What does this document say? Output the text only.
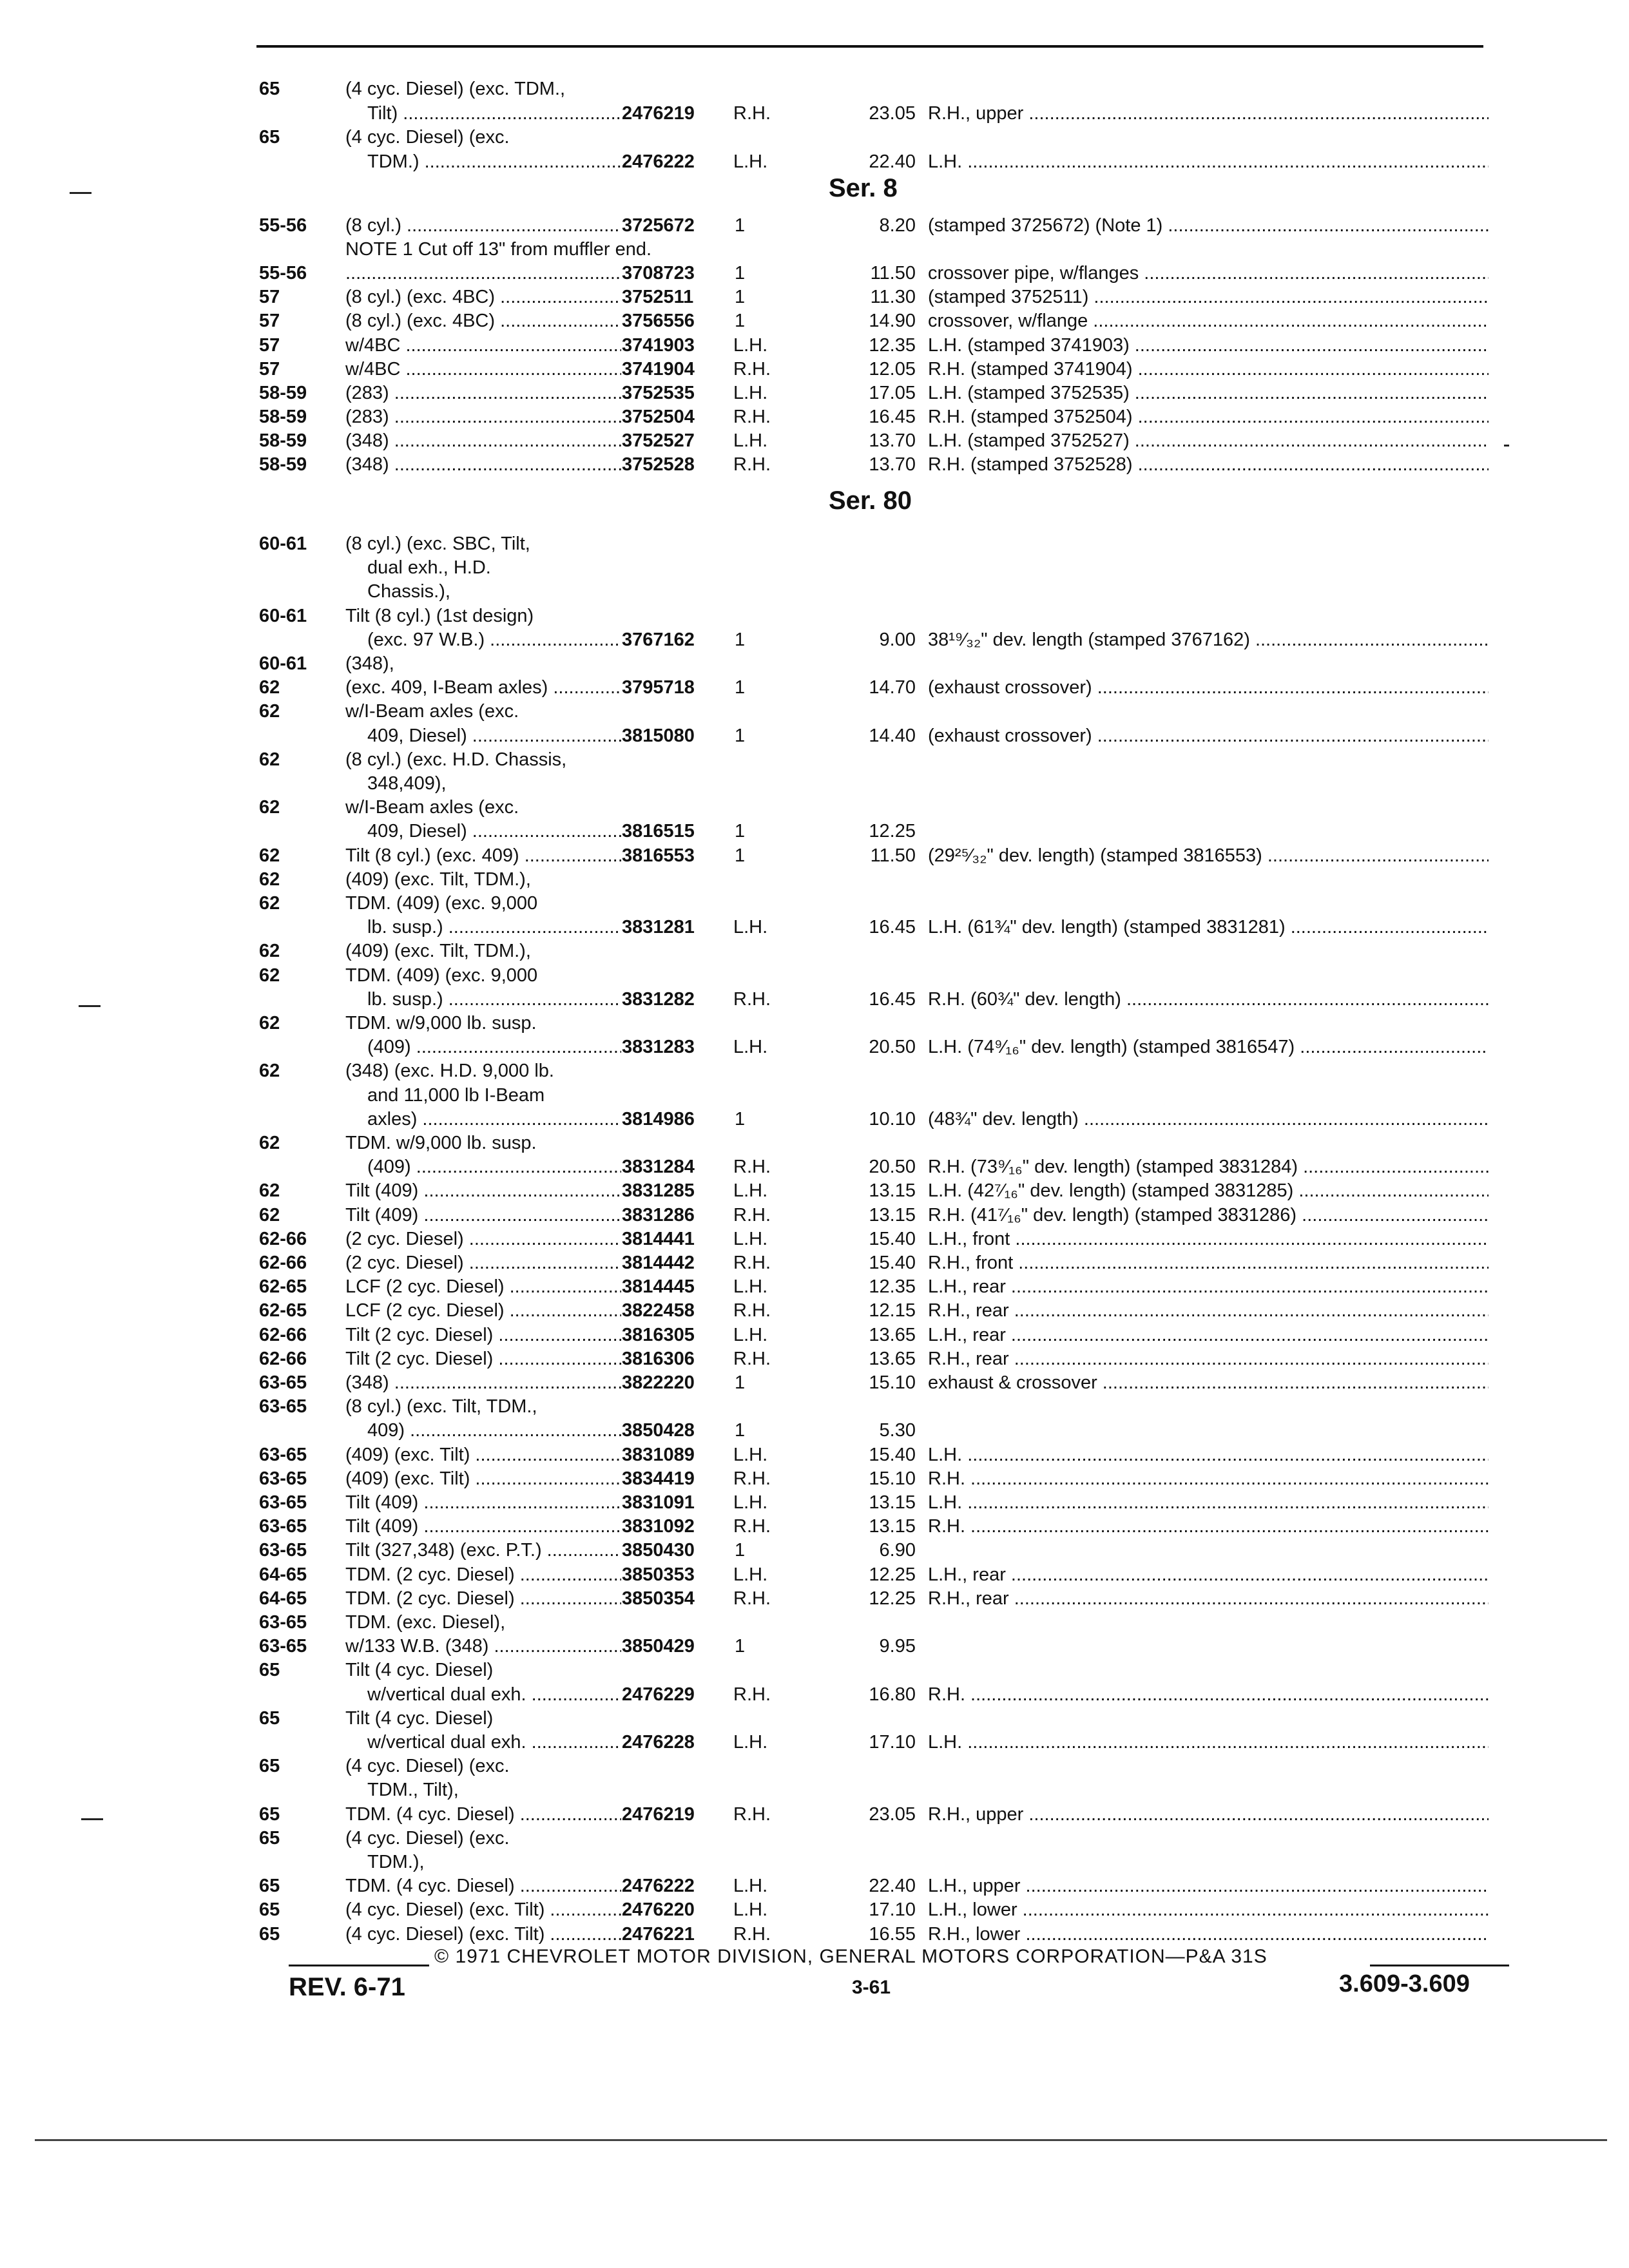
65	(4 cyc. Diesel) (exc. TDM.,
Tilt) .....	2476219 R.H.	23.05 R.H., upper .....
65	(4 cyc. Diesel) (exc.
TDM.) .....	2476222 L.H.	22.40 L.H. .....
Ser. 8
55-56 (8 cyl.) .....	3725672 1	8.20 (stamped 3725672) (Note 1) .....
NOTE 1 Cut off 13" from muffler end.
55-56
.....	3708723 1	11.50 crossover pipe, w/flanges .....
57	(8 cyl.) (exc. 4BC) .....	3752511 1	11.30 (stamped 3752511) .....
57	(8 cyl.) (exc. 4BC) .....	3756556 1	14.90 crossover, w/flange .....
57	w/4BC .....	3741903 L.H.	12.35 L.H. (stamped 3741903) .....
57	w/4BC .....	3741904 R.H.	12.05 R.H. (stamped 3741904) .....
58-59 (283) .....	3752535 L.H.	17.05 L.H. (stamped 3752535) .....
58-59 (283) .....	3752504 R.H.	16.45 R.H. (stamped 3752504) .....
58-59 (348) .....	3752527 L.H.	13.70 L.H. (stamped 3752527) .....
58-59 (348) .....	3752528 R.H.	13.70 R.H. (stamped 3752528) .....
Ser. 80
60-61 (8 cyl.) (exc. SBC, Tilt,
dual exh., H.D.
Chassis.),
60-61 Tilt (8 cyl.) (1st design)
(exc. 97 W.B.) .....	3767162 1	9.00 38¹⁹⁄₃₂" dev. length (stamped 3767162) .....
60-61 (348),
62	(exc. 409, I-Beam axles) .....	3795718 1	14.70 (exhaust crossover) .....
62	w/I-Beam axles (exc.
409, Diesel) .....	3815080 1	14.40 (exhaust crossover) .....
62	(8 cyl.) (exc. H.D. Chassis,
348,409),
62	w/I-Beam axles (exc.
409, Diesel) .....	3816515 1	12.25
62	Tilt (8 cyl.) (exc. 409) .....	3816553 1	11.50 (29²⁵⁄₃₂" dev. length) (stamped 3816553) .....
62	(409) (exc. Tilt, TDM.),
62	TDM. (409) (exc. 9,000
lb. susp.) .....	3831281 L.H.	16.45 L.H. (61¾" dev. length) (stamped 3831281) .....
62	(409) (exc. Tilt, TDM.),
62	TDM. (409) (exc. 9,000
lb. susp.) .....	3831282 R.H.	16.45 R.H. (60¾" dev. length) .....
62	TDM. w/9,000 lb. susp.
(409) .....	3831283 L.H.	20.50 L.H. (74⁹⁄₁₆" dev. length) (stamped 3816547) .....
62	(348) (exc. H.D. 9,000 lb.
and 11,000 lb I-Beam
axles) .....	3814986 1	10.10 (48¾" dev. length) .....
62	TDM. w/9,000 lb. susp.
(409) .....	3831284 R.H.	20.50 R.H. (73⁹⁄₁₆" dev. length) (stamped 3831284) .....
62	Tilt (409) .....	3831285 L.H.	13.15 L.H. (42⁷⁄₁₆" dev. length) (stamped 3831285) .....
62	Tilt (409) .....	3831286 R.H.	13.15 R.H. (41⁷⁄₁₆" dev. length) (stamped 3831286) .....
62-66 (2 cyc. Diesel) .....	3814441 L.H.	15.40 L.H., front .....
62-66 (2 cyc. Diesel) .....	3814442 R.H.	15.40 R.H., front .....
62-65 LCF (2 cyc. Diesel) .....	3814445 L.H.	12.35 L.H., rear .....
62-65 LCF (2 cyc. Diesel) .....	3822458 R.H.	12.15 R.H., rear .....
62-66 Tilt (2 cyc. Diesel) .....	3816305 L.H.	13.65 L.H., rear .....
62-66 Tilt (2 cyc. Diesel) .....	3816306 R.H.	13.65 R.H., rear .....
63-65 (348) .....	3822220 1	15.10 exhaust & crossover .....
63-65 (8 cyl.) (exc. Tilt, TDM.,
409) .....	3850428 1	5.30
63-65 (409) (exc. Tilt) .....	3831089 L.H.	15.40 L.H. .....
63-65 (409) (exc. Tilt) .....	3834419 R.H.	15.10 R.H. .....
63-65 Tilt (409) .....	3831091 L.H.	13.15 L.H. .....
63-65 Tilt (409) .....	3831092 R.H.	13.15 R.H. .....
63-65 Tilt (327,348) (exc. P.T.) .....	3850430 1	6.90
64-65 TDM. (2 cyc. Diesel) .....	3850353 L.H.	12.25 L.H., rear .....
64-65 TDM. (2 cyc. Diesel) .....	3850354 R.H.	12.25 R.H., rear .....
63-65 TDM. (exc. Diesel),
63-65 w/133 W.B. (348) .....	3850429 1	9.95
65	Tilt (4 cyc. Diesel)
w/vertical dual exh. .....	2476229 R.H.	16.80 R.H. .....
65	Tilt (4 cyc. Diesel)
w/vertical dual exh. .....	2476228 L.H.	17.10 L.H. .....
65	(4 cyc. Diesel) (exc.
TDM., Tilt),
65	TDM. (4 cyc. Diesel) .....	2476219 R.H.	23.05 R.H., upper .....
65	(4 cyc. Diesel) (exc.
TDM.),
65	TDM. (4 cyc. Diesel) .....	2476222 L.H.	22.40 L.H., upper .....
65	(4 cyc. Diesel) (exc. Tilt) .....	2476220 L.H.	17.10 L.H., lower .....
65	(4 cyc. Diesel) (exc. Tilt) .....	2476221 R.H.	16.55 R.H., lower .....
© 1971 CHEVROLET MOTOR DIVISION, GENERAL MOTORS CORPORATION—P&A 31S
REV. 6-71	3-61	3.609-3.609
